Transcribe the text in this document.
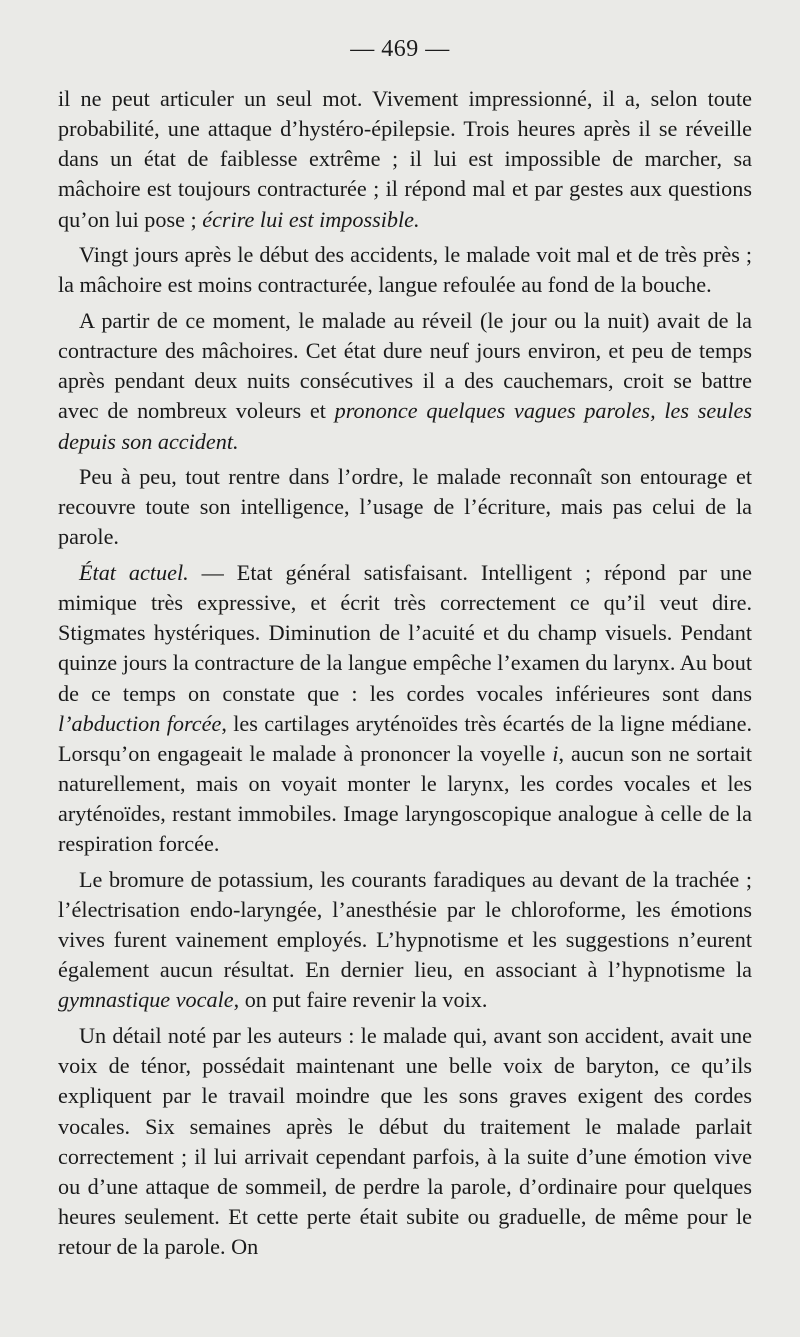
— 469 —

il ne peut articuler un seul mot. Vivement impressionné, il a, selon toute probabilité, une attaque d’hystéro-épilepsie. Trois heures après il se réveille dans un état de faiblesse extrême ; il lui est impossible de marcher, sa mâchoire est toujours contracturée ; il répond mal et par gestes aux questions qu’on lui pose ; écrire lui est impossible.

Vingt jours après le début des accidents, le malade voit mal et de très près ; la mâchoire est moins contracturée, langue refoulée au fond de la bouche.

A partir de ce moment, le malade au réveil (le jour ou la nuit) avait de la contracture des mâchoires. Cet état dure neuf jours environ, et peu de temps après pendant deux nuits consécutives il a des cauchemars, croit se battre avec de nombreux voleurs et prononce quelques vagues paroles, les seules depuis son accident.

Peu à peu, tout rentre dans l’ordre, le malade reconnaît son entourage et recouvre toute son intelligence, l’usage de l’écriture, mais pas celui de la parole.

État actuel. — Etat général satisfaisant. Intelligent ; répond par une mimique très expressive, et écrit très correctement ce qu’il veut dire. Stigmates hystériques. Diminution de l’acuité et du champ visuels. Pendant quinze jours la contracture de la langue empêche l’examen du larynx. Au bout de ce temps on constate que : les cordes vocales inférieures sont dans l’abduction forcée, les cartilages aryténoïdes très écartés de la ligne médiane. Lorsqu’on engageait le malade à prononcer la voyelle i, aucun son ne sortait naturellement, mais on voyait monter le larynx, les cordes vocales et les aryténoïdes, restant immobiles. Image laryngoscopique analogue à celle de la respiration forcée.

Le bromure de potassium, les courants faradiques au devant de la trachée ; l’électrisation endo-laryngée, l’anesthésie par le chloroforme, les émotions vives furent vainement employés. L’hypnotisme et les suggestions n’eurent également aucun résultat. En dernier lieu, en associant à l’hypnotisme la gymnastique vocale, on put faire revenir la voix.

Un détail noté par les auteurs : le malade qui, avant son accident, avait une voix de ténor, possédait maintenant une belle voix de baryton, ce qu’ils expliquent par le travail moindre que les sons graves exigent des cordes vocales. Six semaines après le début du traitement le malade parlait correctement ; il lui arrivait cependant parfois, à la suite d’une émotion vive ou d’une attaque de sommeil, de perdre la parole, d’ordinaire pour quelques heures seulement. Et cette perte était subite ou graduelle, de même pour le retour de la parole. On
